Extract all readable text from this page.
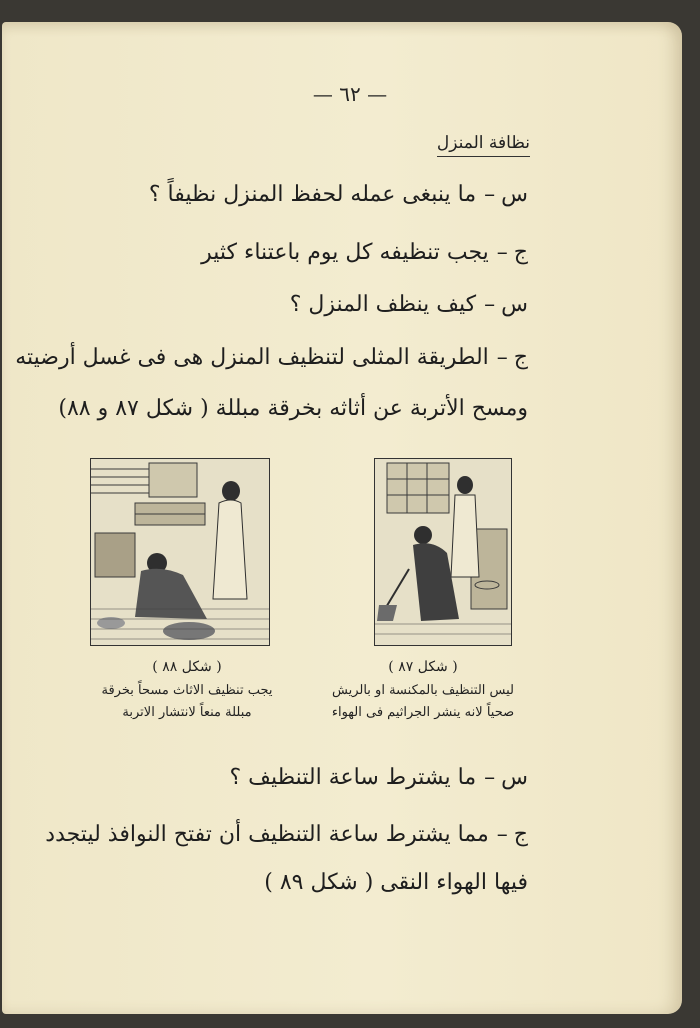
— ٦٢ —
نظافة المنزل
س–ما ينبغى عمله لحفظ المنزل نظيفاً ؟
ج–يجب تنظيفه كل يوم باعتناء كثير
س–كيف ينظف المنزل ؟
ج–الطريقة المثلى لتنظيف المنزل هى فى غسل أرضيته
ومسح الأتربة عن أثاثه بخرقة مبللة ( شكل ٨٧ و ٨٨)
( شكل ٨٧ )
ليس التنظيف بالمكنسة او بالريش
صحياً لانه ينشر الجراثيم فى الهواء
( شكل ٨٨ )
يجب تنظيف الاثاث مسحاً بخرقة
مبللة منعاً لانتشار الاتربة
س–ما يشترط ساعة التنظيف ؟
ج–مما يشترط ساعة التنظيف أن تفتح النوافذ ليتجدد
فيها الهواء النقى ( شكل ٨٩ )
